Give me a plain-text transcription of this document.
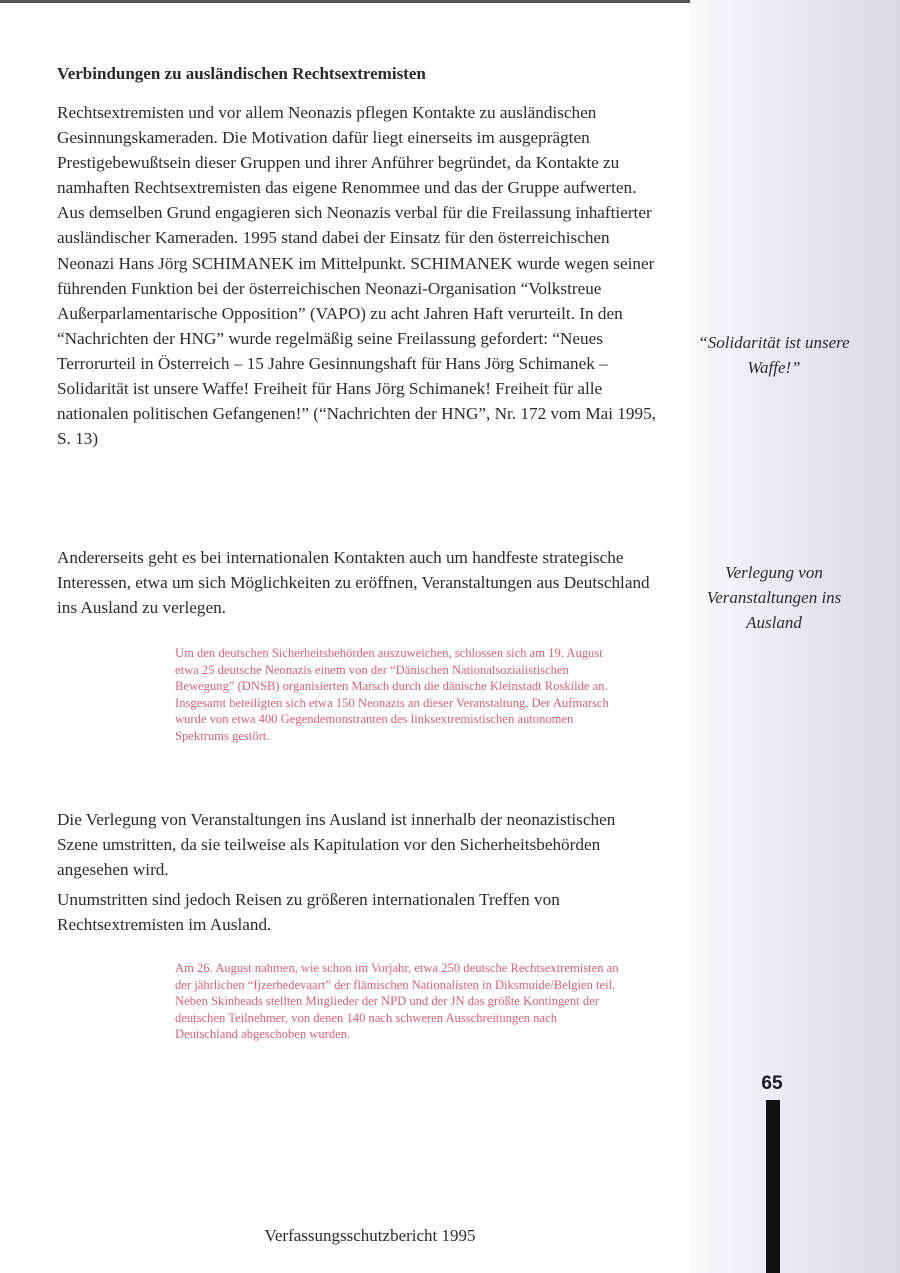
Verbindungen zu ausländischen Rechtsextremisten

Rechtsextremisten und vor allem Neonazis pflegen Kontakte zu ausländischen Gesinnungskameraden. Die Motivation dafür liegt einerseits im ausgeprägten Prestigebewußtsein dieser Gruppen und ihrer Anführer begründet, da Kontakte zu namhaften Rechtsextremisten das eigene Renommee und das der Gruppe aufwerten. Aus demselben Grund engagieren sich Neonazis verbal für die Freilassung inhaftierter ausländischer Kameraden. 1995 stand dabei der Einsatz für den österreichischen Neonazi Hans Jörg SCHIMANEK im Mittelpunkt. SCHIMANEK wurde wegen seiner führenden Funktion bei der österreichischen Neonazi-Organisation “Volkstreue Außerparlamentarische Opposition” (VAPO) zu acht Jahren Haft verurteilt. In den “Nachrichten der HNG” wurde regelmäßig seine Freilassung gefordert: “Neues Terrorurteil in Österreich – 15 Jahre Gesinnungshaft für Hans Jörg Schimanek – Solidarität ist unsere Waffe! Freiheit für Hans Jörg Schimanek! Freiheit für alle nationalen politischen Gefangenen!” (“Nachrichten der HNG”, Nr. 172 vom Mai 1995, S. 13)

Andererseits geht es bei internationalen Kontakten auch um handfeste strategische Interessen, etwa um sich Möglichkeiten zu eröffnen, Veranstaltungen aus Deutschland ins Ausland zu verlegen.

Um den deutschen Sicherheitsbehörden auszuweichen, schlossen sich am 19. August etwa 25 deutsche Neonazis einem von der “Dänischen Nationalsozialistischen Bewegung” (DNSB) organisierten Marsch durch die dänische Kleinstadt Roskilde an. Insgesamt beteiligten sich etwa 150 Neonazis an dieser Veranstaltung. Der Aufmarsch wurde von etwa 400 Gegendemonstranten des linksextremistischen autonomen Spektrums gestört.

Die Verlegung von Veranstaltungen ins Ausland ist innerhalb der neonazistischen Szene umstritten, da sie teilweise als Kapitulation vor den Sicherheitsbehörden angesehen wird.

Unumstritten sind jedoch Reisen zu größeren internationalen Treffen von Rechtsextremisten im Ausland.

Am 26. August nahmen, wie schon im Vorjahr, etwa 250 deutsche Rechtsextremisten an der jährlichen “Ijzerbedevaart” der flämischen Nationalisten in Diksmuide/Belgien teil. Neben Skinheads stellten Mitglieder der NPD und der JN das größte Kontingent der deutschen Teilnehmer, von denen 140 nach schweren Ausschreitungen nach Deutschland abgeschoben wurden.

“Solidarität ist unsere Waffe!”

Verlegung von Veranstaltungen ins Ausland

65

Verfassungsschutzbericht 1995
